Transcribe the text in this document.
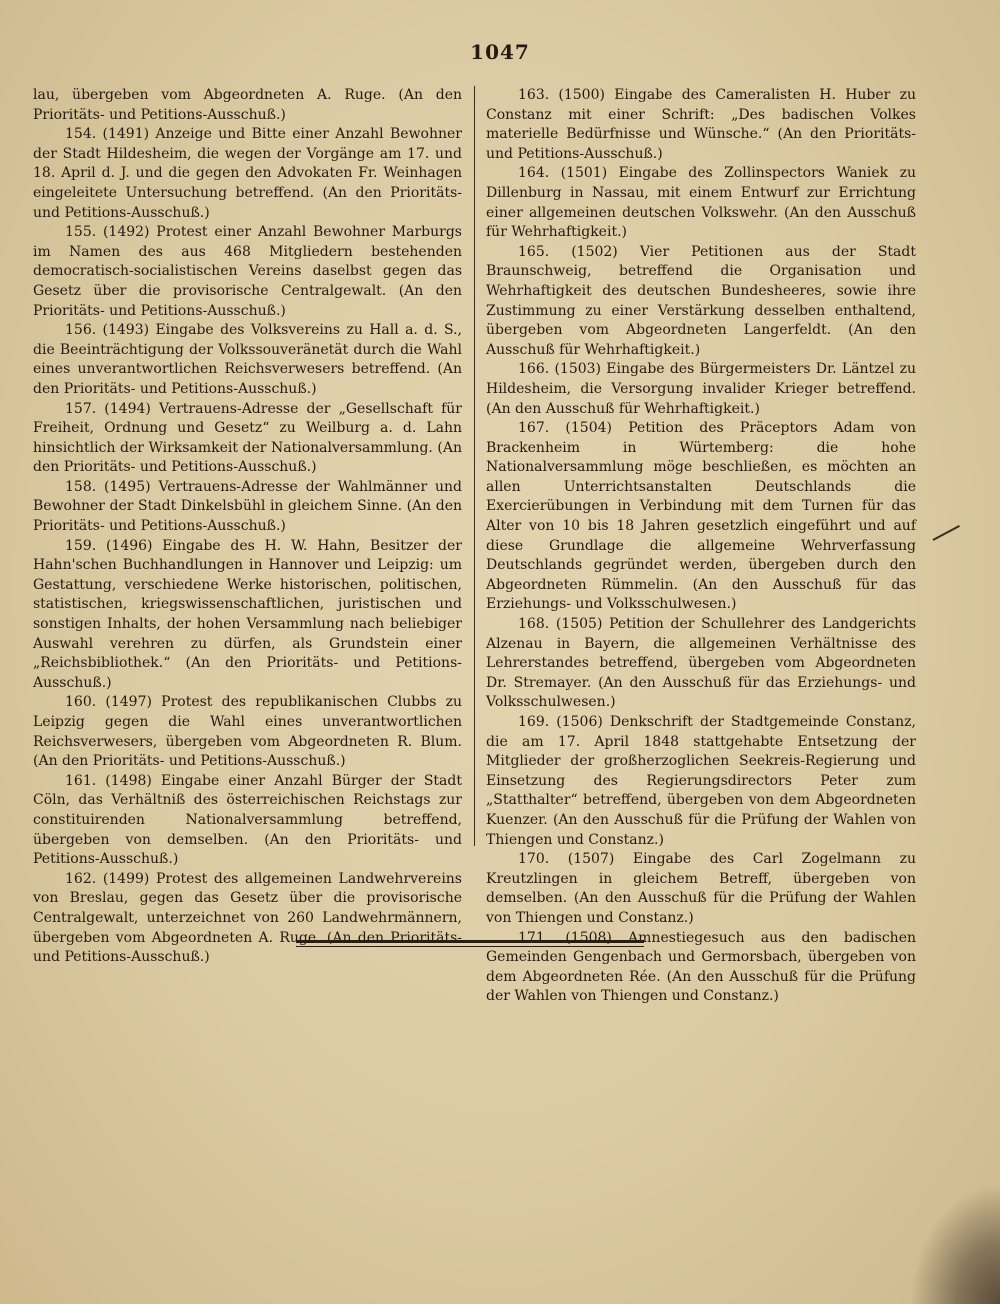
1047

lau, übergeben vom Abgeordneten A. Ruge. (An den Prioritäts- und Petitions-Ausschuß.)

154. (1491) Anzeige und Bitte einer Anzahl Bewohner der Stadt Hildesheim, die wegen der Vorgänge am 17. und 18. April d. J. und die gegen den Advokaten Fr. Weinhagen eingeleitete Untersuchung betreffend. (An den Prioritäts- und Petitions-Ausschuß.)

155. (1492) Protest einer Anzahl Bewohner Marburgs im Namen des aus 468 Mitgliedern bestehenden democratisch-socialistischen Vereins daselbst gegen das Gesetz über die provisorische Centralgewalt. (An den Prioritäts- und Petitions-Ausschuß.)

156. (1493) Eingabe des Volksvereins zu Hall a. d. S., die Beeinträchtigung der Volkssouveränetät durch die Wahl eines unverantwortlichen Reichsverwesers betreffend. (An den Prioritäts- und Petitions-Ausschuß.)

157. (1494) Vertrauens-Adresse der „Gesellschaft für Freiheit, Ordnung und Gesetz“ zu Weilburg a. d. Lahn hinsichtlich der Wirksamkeit der Nationalversammlung. (An den Prioritäts- und Petitions-Ausschuß.)

158. (1495) Vertrauens-Adresse der Wahlmänner und Bewohner der Stadt Dinkelsbühl in gleichem Sinne. (An den Prioritäts- und Petitions-Ausschuß.)

159. (1496) Eingabe des H. W. Hahn, Besitzer der Hahn'schen Buchhandlungen in Hannover und Leipzig: um Gestattung, verschiedene Werke historischen, politischen, statistischen, kriegswissenschaftlichen, juristischen und sonstigen Inhalts, der hohen Versammlung nach beliebiger Auswahl verehren zu dürfen, als Grundstein einer „Reichsbibliothek.“ (An den Prioritäts- und Petitions-Ausschuß.)

160. (1497) Protest des republikanischen Clubbs zu Leipzig gegen die Wahl eines unverantwortlichen Reichsverwesers, übergeben vom Abgeordneten R. Blum. (An den Prioritäts- und Petitions-Ausschuß.)

161. (1498) Eingabe einer Anzahl Bürger der Stadt Cöln, das Verhältniß des österreichischen Reichstags zur constituirenden Nationalversammlung betreffend, übergeben von demselben. (An den Prioritäts- und Petitions-Ausschuß.)

162. (1499) Protest des allgemeinen Landwehrvereins von Breslau, gegen das Gesetz über die provisorische Centralgewalt, unterzeichnet von 260 Landwehrmännern, übergeben vom Abgeordneten A. Ruge. (An den Prioritäts- und Petitions-Ausschuß.)

163. (1500) Eingabe des Cameralisten H. Huber zu Constanz mit einer Schrift: „Des badischen Volkes materielle Bedürfnisse und Wünsche.“ (An den Prioritäts- und Petitions-Ausschuß.)

164. (1501) Eingabe des Zollinspectors Waniek zu Dillenburg in Nassau, mit einem Entwurf zur Errichtung einer allgemeinen deutschen Volkswehr. (An den Ausschuß für Wehrhaftigkeit.)

165. (1502) Vier Petitionen aus der Stadt Braunschweig, betreffend die Organisation und Wehrhaftigkeit des deutschen Bundesheeres, sowie ihre Zustimmung zu einer Verstärkung desselben enthaltend, übergeben vom Abgeordneten Langerfeldt. (An den Ausschuß für Wehrhaftigkeit.)

166. (1503) Eingabe des Bürgermeisters Dr. Läntzel zu Hildesheim, die Versorgung invalider Krieger betreffend. (An den Ausschuß für Wehrhaftigkeit.)

167. (1504) Petition des Präceptors Adam von Brackenheim in Würtemberg: die hohe Nationalversammlung möge beschließen, es möchten an allen Unterrichtsanstalten Deutschlands die Exercierübungen in Verbindung mit dem Turnen für das Alter von 10 bis 18 Jahren gesetzlich eingeführt und auf diese Grundlage die allgemeine Wehrverfassung Deutschlands gegründet werden, übergeben durch den Abgeordneten Rümmelin. (An den Ausschuß für das Erziehungs- und Volksschulwesen.)

168. (1505) Petition der Schullehrer des Landgerichts Alzenau in Bayern, die allgemeinen Verhältnisse des Lehrerstandes betreffend, übergeben vom Abgeordneten Dr. Stremayer. (An den Ausschuß für das Erziehungs- und Volksschulwesen.)

169. (1506) Denkschrift der Stadtgemeinde Constanz, die am 17. April 1848 stattgehabte Entsetzung der Mitglieder der großherzoglichen Seekreis-Regierung und Einsetzung des Regierungsdirectors Peter zum „Statthalter“ betreffend, übergeben von dem Abgeordneten Kuenzer. (An den Ausschuß für die Prüfung der Wahlen von Thiengen und Constanz.)

170. (1507) Eingabe des Carl Zogelmann zu Kreutzlingen in gleichem Betreff, übergeben von demselben. (An den Ausschuß für die Prüfung der Wahlen von Thiengen und Constanz.)

171. (1508) Amnestiegesuch aus den badischen Gemeinden Gengenbach und Germorsbach, übergeben von dem Abgeordneten Rée. (An den Ausschuß für die Prüfung der Wahlen von Thiengen und Constanz.)
